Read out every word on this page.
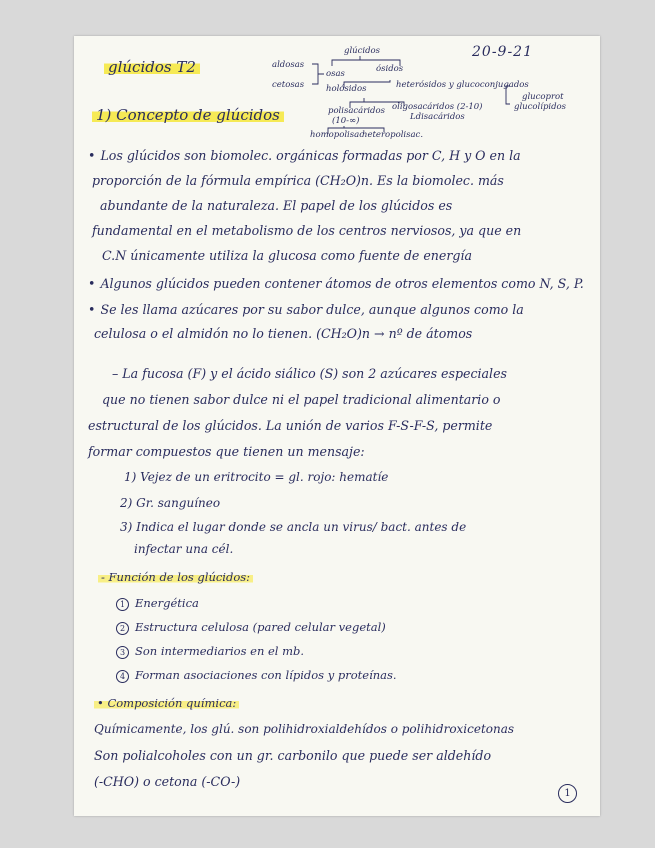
glúcidos T2
20-9-21
glúcidos
aldosas
cetosas
osas	ósidos
holósidos	heterósidos y glucoconjugados
glucoprot
glucolípidos
polisacáridos
(10-∞)
oligosacáridos (2-10)
Ldisacáridos
homopolisac
heteropolisac.
1) Concepto de glúcidos
• Los glúcidos son biomolec. orgánicas formadas por C, H y O en la
proporción de la fórmula empírica (CH₂O)n. Es la biomolec. más
abundante de la naturaleza. El papel de los glúcidos es
fundamental en el metabolismo de los centros nerviosos, ya que en
C.N únicamente utiliza la glucosa como fuente de energía
• Algunos glúcidos pueden contener átomos de otros elementos como N, S, P.
• Se les llama azúcares por su sabor dulce, aunque algunos como la
celulosa o el almidón no lo tienen. (CH₂O)n → nº de átomos
– La fucosa (F) y el ácido siálico (S) son 2 azúcares especiales
que no tienen sabor dulce ni el papel tradicional alimentario o
estructural de los glúcidos. La unión de varios F-S-F-S, permite
formar compuestos que tienen un mensaje:
1) Vejez de un eritrocito = gl. rojo: hematíe
2) Gr. sanguíneo
3) Indica el lugar donde se ancla un virus/ bact. antes de
infectar una cél.
- Función de los glúcidos:
1 Energética
2 Estructura celulosa (pared celular vegetal)
3 Son intermediarios en el mb.
4 Forman asociaciones con lípidos y proteínas.
• Composición química:
Químicamente, los glú. son polihidroxialdehídos o polihidroxicetonas
Son polialcoholes con un gr. carbonilo que puede ser aldehído
(-CHO) o cetona (-CO-)
1
